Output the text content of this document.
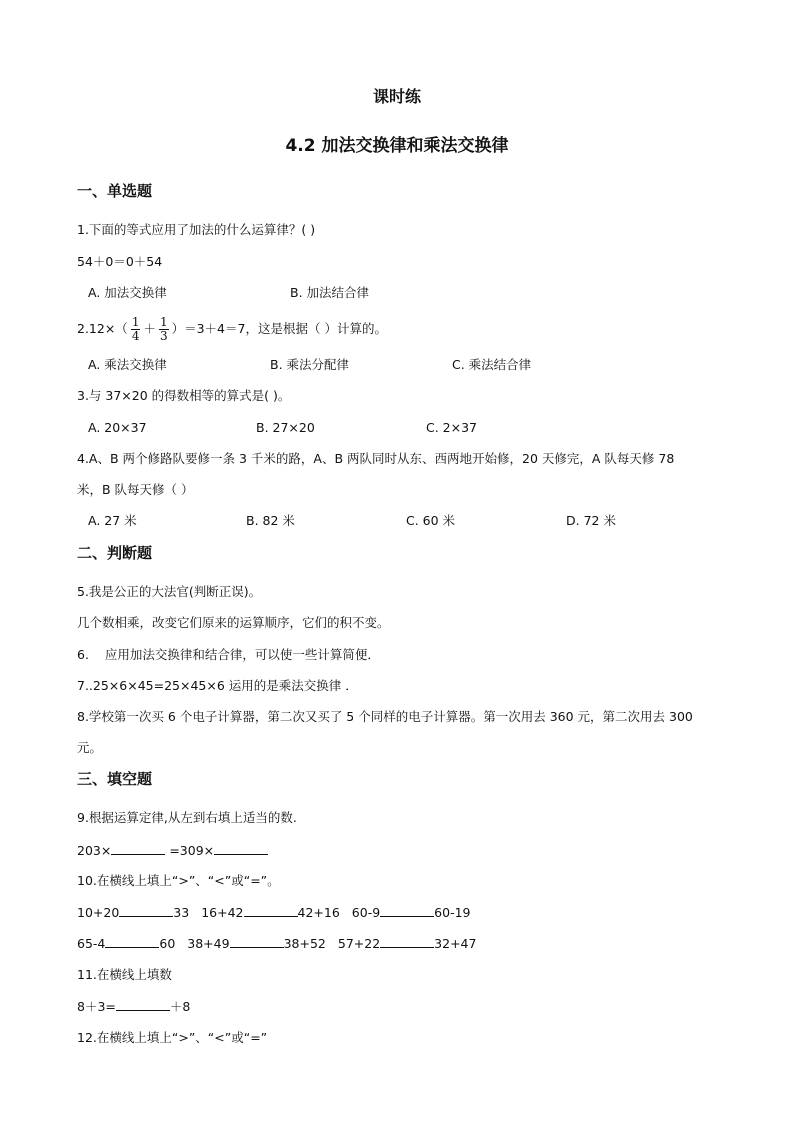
课时练
4.2 加法交换律和乘法交换律
一、单选题
1.下面的等式应用了加法的什么运算律？( )
54＋0＝0＋54
A. 加法交换律	B. 加法结合律
$2.12\times( \frac{1}{4} + \frac{1}{3} )=3+4=7$，这是根据（ ）计算的。
A. 乘法交换律	B. 乘法分配律	C. 乘法结合律
3.与 37×20 的得数相等的算式是( )。
A. 20×37	B. 27×20	C. 2×37
4.A、B 两个修路队要修一条 3 千米的路，A、B 两队同时从东、西两地开始修，20 天修完，A 队每天修 78
米，B 队每天修（ ）
A. 27 米	B. 82 米	C. 60 米	D. 72 米
二、判断题
5.我是公正的大法官(判断正误)。
几个数相乘，改变它们原来的运算顺序，它们的积不变。
6.    应用加法交换律和结合律，可以使一些计算简便．
7..25×6×45=25×45×6 运用的是乘法交换律 ．
8.学校第一次买 6 个电子计算器，第二次又买了 5 个同样的电子计算器。第一次用去 360 元，第二次用去 300
元。
三、填空题
9.根据运算定律,从左到右填上适当的数.
203×	=309×
10.在横线上填上“>”、“<”或“=”。
10+20	33 16+42	42+16 60-9	60-19
65-4	60 38+49	38+52 57+22	32+47
11.在横线上填数
8＋3=	＋8
12.在横线上填上“>”、“<”或“=”
